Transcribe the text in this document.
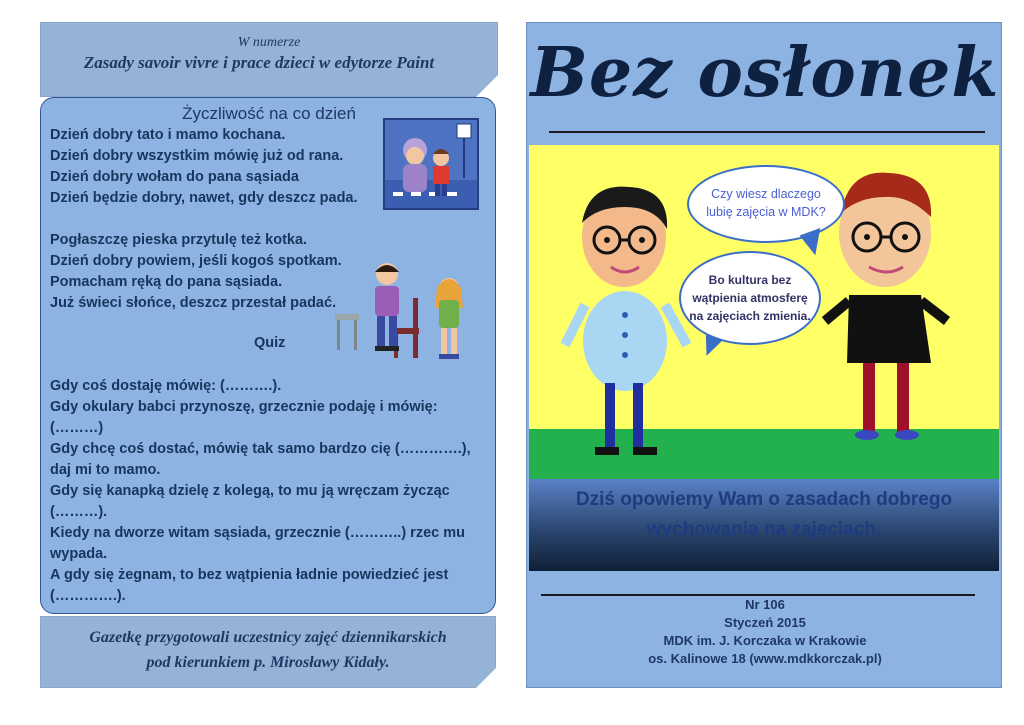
W numerze
Zasady savoir vivre i prace dzieci w edytorze Paint
Życzliwość na co dzień
Dzień dobry tato i mamo kochana.
Dzień dobry wszystkim mówię już od rana.
Dzień dobry wołam do pana sąsiada
Dzień będzie dobry, nawet, gdy deszcz pada.
Pogłaszczę pieska przytulę też kotka.
Dzień dobry powiem, jeśli kogoś spotkam.
Pomacham ręką do pana sąsiada.
Już świeci słońce, deszcz przestał padać.
Quiz
Gdy coś dostaję mówię: (……….).
Gdy okulary babci przynoszę, grzecznie podaję i mówię:
(………)
Gdy chcę coś dostać, mówię tak samo bardzo cię (………….),
daj mi to mamo.
Gdy się kanapką dzielę z kolegą, to mu ją wręczam życząc
(………).
Kiedy na dworze witam sąsiada, grzecznie (………..) rzec mu
wypada.
A gdy się żegnam, to bez wątpienia ładnie powiedzieć jest
(………….).
Gazetkę przygotowali uczestnicy zajęć dziennikarskich
pod kierunkiem p. Mirosławy Kidały.
Bez osłonek
Czy wiesz dlaczego
lubię zajęcia w MDK?
Bo kultura bez
wątpienia atmosferę
na zajęciach zmienia.
Dziś opowiemy Wam o zasadach dobrego
wychowania na zajęciach.
Nr 106
Styczeń 2015
MDK im. J. Korczaka w Krakowie
os. Kalinowe 18 (www.mdkkorczak.pl)
